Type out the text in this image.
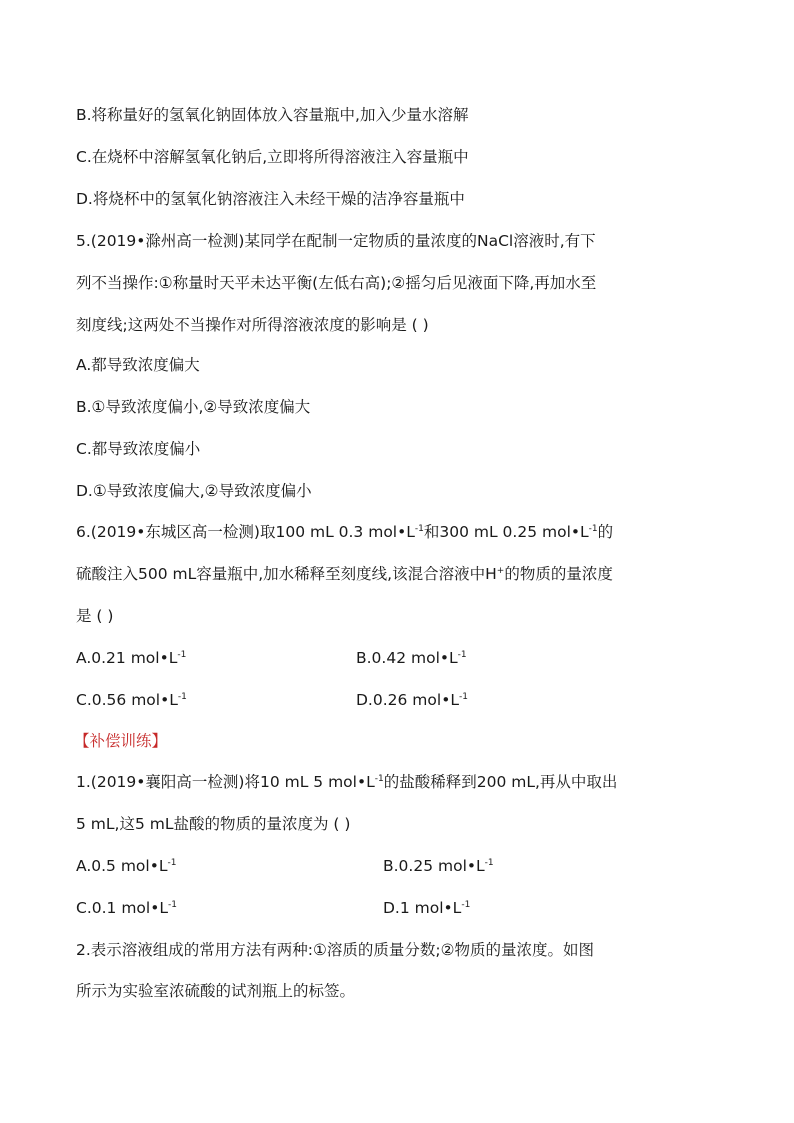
B.将称量好的氢氧化钠固体放入容量瓶中,加入少量水溶解
C.在烧杯中溶解氢氧化钠后,立即将所得溶液注入容量瓶中
D.将烧杯中的氢氧化钠溶液注入未经干燥的洁净容量瓶中
5.(2019•滁州高一检测)某同学在配制一定物质的量浓度的NaCl溶液时,有下
列不当操作:①称量时天平未达平衡(左低右高);②摇匀后见液面下降,再加水至
刻度线;这两处不当操作对所得溶液浓度的影响是 ( )
A.都导致浓度偏大
B.①导致浓度偏小,②导致浓度偏大
C.都导致浓度偏小
D.①导致浓度偏大,②导致浓度偏小
6.(2019•东城区高一检测)取100 mL 0.3 $mol•L^{-1}$和300 mL 0.25 $mol•L^{-1}$的
硫酸注入500 mL容量瓶中,加水稀释至刻度线,该混合溶液中H+的物质的量浓度
是 ( )
A.0.21 $mol•L^{-1}$	B.0.42 $mol•L^{-1}$
C.0.56 $mol•L^{-1}$	D.0.26 $mol•L^{-1}$
【补偿训练】
1.(2019•襄阳高一检测)将10 mL 5 $mol•L^{-1}$的盐酸稀释到200 mL,再从中取出
5 mL,这5 mL盐酸的物质的量浓度为 ( )
A.0.5 $mol•L^{-1}$	B.0.25 $mol•L^{-1}$
C.0.1 $mol•L^{-1}$	D.1 $mol•L^{-1}$
2.表示溶液组成的常用方法有两种:①溶质的质量分数;②物质的量浓度。如图
所示为实验室浓硫酸的试剂瓶上的标签。
